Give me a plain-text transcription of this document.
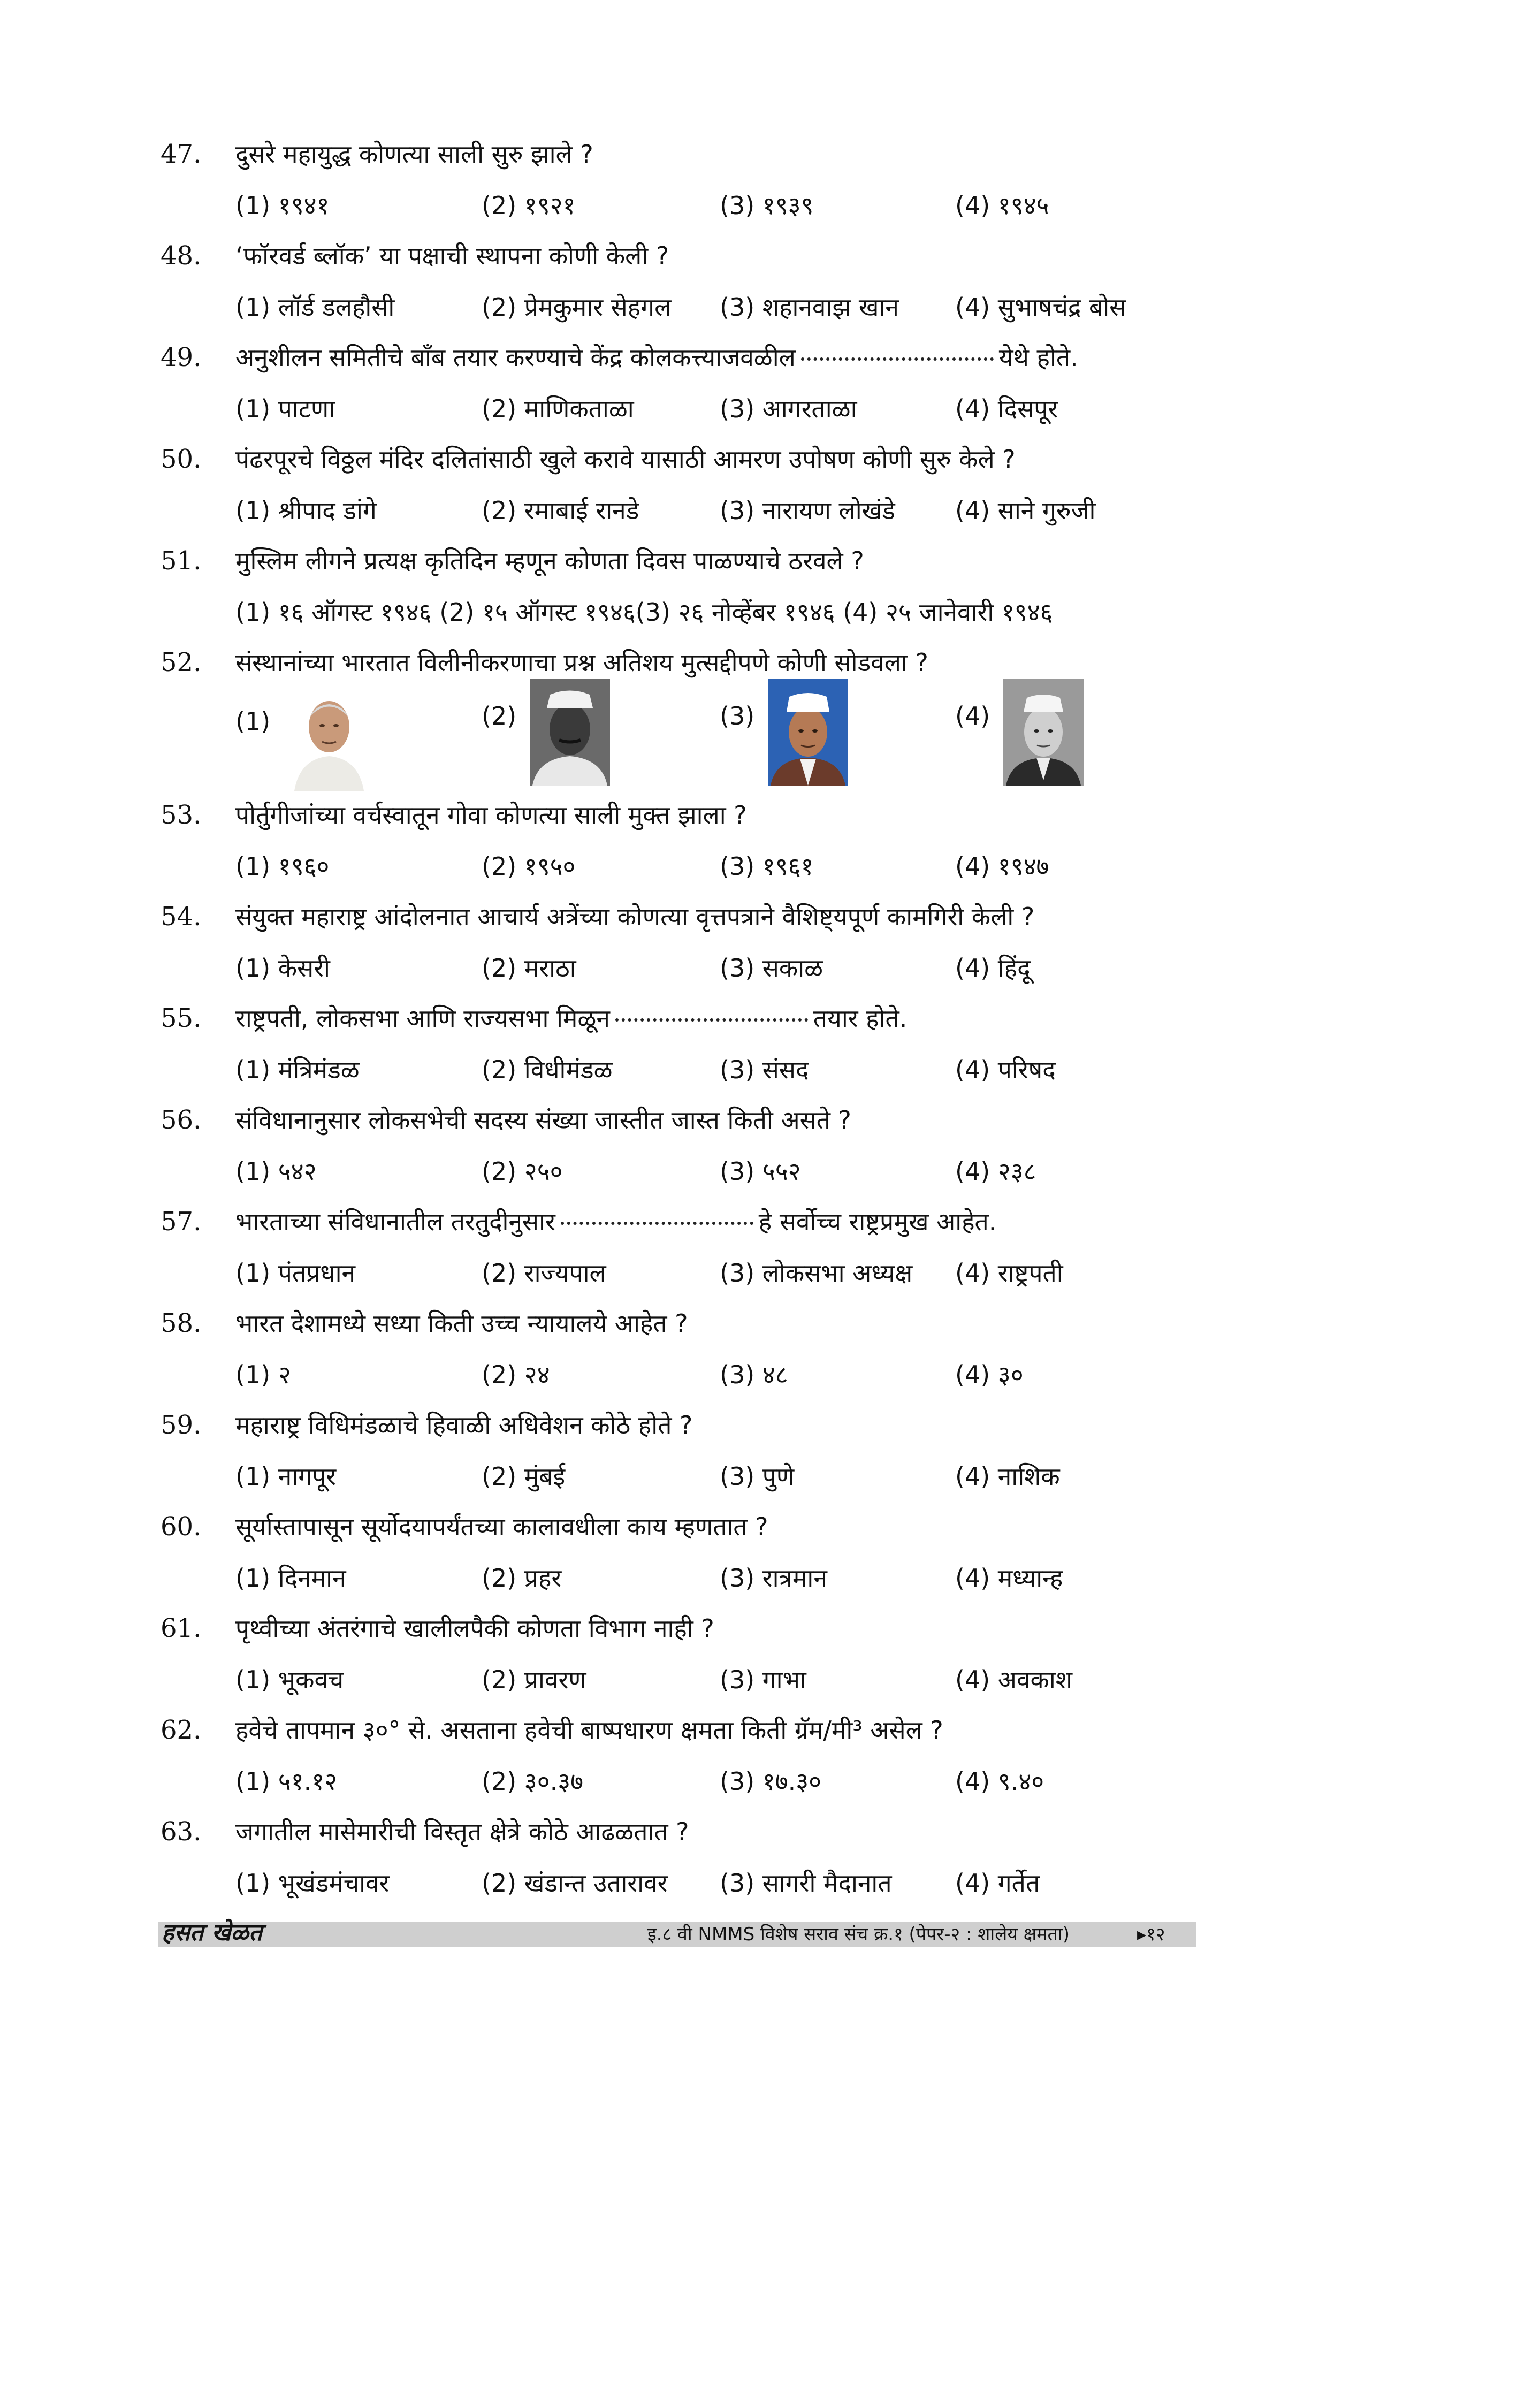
47. दुसरे महायुद्ध कोणत्या साली सुरु झाले ?
(1) १९४१	(2) १९२१	(3) १९३९	(4) १९४५
48. ‘फॉरवर्ड ब्लॉक’ या पक्षाची स्थापना कोणी केली ?
(1) लॉर्ड डलहौसी	(2) प्रेमकुमार सेहगल (3) शहानवाझ खान (4) सुभाषचंद्र बोस
49. अनुशीलन समितीचे बॉंब तयार करण्याचे केंद्र कोलकत्त्याजवळील	येथे होते.
(1) पाटणा	(2) माणिकताळा	(3) आगरताळा	(4) दिसपूर
50. पंढरपूरचे विठ्ठल मंदिर दलितांसाठी खुले करावे यासाठी आमरण उपोषण कोणी सुरु केले ?
(1) श्रीपाद डांगे	(2) रमाबाई रानडे	(3) नारायण लोखंडे (4) साने गुरुजी
51. मुस्लिम लीगने प्रत्यक्ष कृतिदिन म्हणून कोणता दिवस पाळण्याचे ठरवले ?
(1) १६ ऑगस्ट १९४६ (2) १५ ऑगस्ट १९४६(3) २६ नोव्हेंबर १९४६ (4) २५ जानेवारी १९४६
52. संस्थानांच्या भारतात विलीनीकरणाचा प्रश्न अतिशय मुत्सद्दीपणे कोणी सोडवला ?
(1)	(2)	(3)	(4)
53. पोर्तुगीजांच्या वर्चस्वातून गोवा कोणत्या साली मुक्त झाला ?
(1) १९६०	(2) १९५०	(3) १९६१	(4) १९४७
54. संयुक्त महाराष्ट्र आंदोलनात आचार्य अत्रेंच्या कोणत्या वृत्तपत्राने वैशिष्ट्यपूर्ण कामगिरी केली ?
(1) केसरी	(2) मराठा	(3) सकाळ	(4) हिंदू
55. राष्ट्रपती, लोकसभा आणि राज्यसभा मिळून	तयार होते.
(1) मंत्रिमंडळ	(2) विधीमंडळ	(3) संसद	(4) परिषद
56. संविधानानुसार लोकसभेची सदस्य संख्या जास्तीत जास्त किती असते ?
(1) ५४२	(2) २५०	(3) ५५२	(4) २३८
57. भारताच्या संविधानातील तरतुदीनुसार	हे सर्वोच्च राष्ट्रप्रमुख आहेत.
(1) पंतप्रधान	(2) राज्यपाल	(3) लोकसभा अध्यक्ष (4) राष्ट्रपती
58. भारत देशामध्ये सध्या किती उच्च न्यायालये आहेत ?
(1) २	(2) २४	(3) ४८	(4) ३०
59. महाराष्ट्र विधिमंडळाचे हिवाळी अधिवेशन कोठे होते ?
(1) नागपूर	(2) मुंबई	(3) पुणे	(4) नाशिक
60. सूर्यास्तापासून सूर्योदयापर्यंतच्या कालावधीला काय म्हणतात ?
(1) दिनमान	(2) प्रहर	(3) रात्रमान	(4) मध्यान्ह
61. पृथ्वीच्या अंतरंगाचे खालीलपैकी कोणता विभाग नाही ?
(1) भूकवच	(2) प्रावरण	(3) गाभा	(4) अवकाश
62. हवेचे तापमान ३०° से. असताना हवेची बाष्पधारण क्षमता किती ग्रॅम/मी³ असेल ?
(1) ५१.१२	(2) ३०.३७	(3) १७.३०	(4) ९.४०
63. जगातील मासेमारीची विस्तृत क्षेत्रे कोठे आढळतात ?
(1) भूखंडमंचावर	(2) खंडान्त उतारावर (3) सागरी मैदानात	(4) गर्तेत
हसत खेळत	इ.८ वी NMMS विशेष सराव संच क्र.१ (पेपर-२ : शालेय क्षमता)	▸१२
